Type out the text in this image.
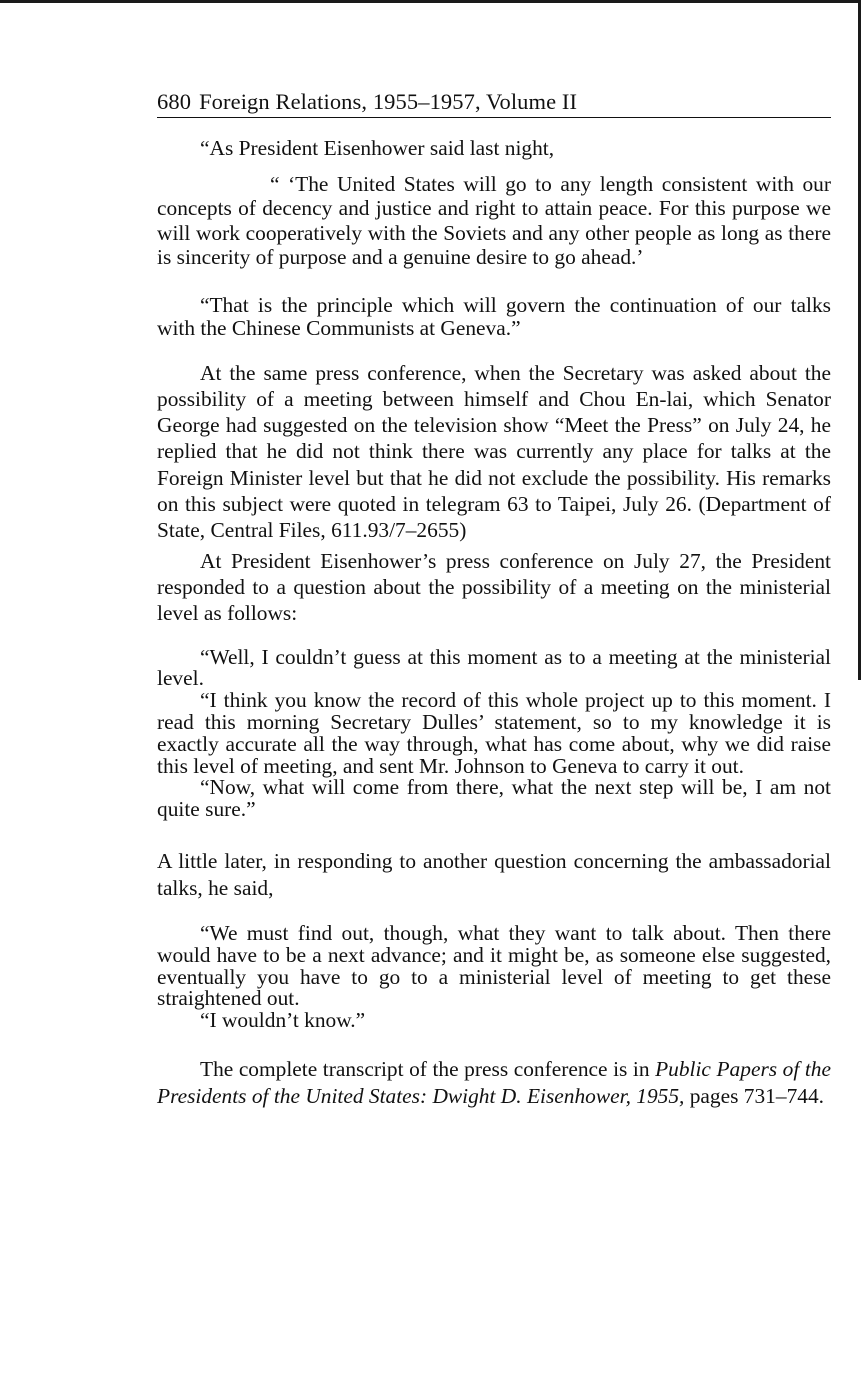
680 Foreign Relations, 1955–1957, Volume II

“As President Eisenhower said last night,

“ ‘The United States will go to any length consistent with our concepts of decency and justice and right to attain peace. For this purpose we will work cooperatively with the Soviets and any other people as long as there is sincerity of purpose and a genuine desire to go ahead.’

“That is the principle which will govern the continuation of our talks with the Chinese Communists at Geneva.”

At the same press conference, when the Secretary was asked about the possibility of a meeting between himself and Chou En-lai, which Senator George had suggested on the television show “Meet the Press” on July 24, he replied that he did not think there was currently any place for talks at the Foreign Minister level but that he did not exclude the possibility. His remarks on this subject were quoted in telegram 63 to Taipei, July 26. (Department of State, Central Files, 611.93/7–2655)

At President Eisenhower’s press conference on July 27, the President responded to a question about the possibility of a meeting on the ministerial level as follows:

“Well, I couldn’t guess at this moment as to a meeting at the ministerial level.

“I think you know the record of this whole project up to this moment. I read this morning Secretary Dulles’ statement, so to my knowledge it is exactly accurate all the way through, what has come about, why we did raise this level of meeting, and sent Mr. Johnson to Geneva to carry it out.

“Now, what will come from there, what the next step will be, I am not quite sure.”

A little later, in responding to another question concerning the ambassadorial talks, he said,

“We must find out, though, what they want to talk about. Then there would have to be a next advance; and it might be, as someone else suggested, eventually you have to go to a ministerial level of meeting to get these straightened out.

“I wouldn’t know.”

The complete transcript of the press conference is in Public Papers of the Presidents of the United States: Dwight D. Eisenhower, 1955, pages 731–744.
